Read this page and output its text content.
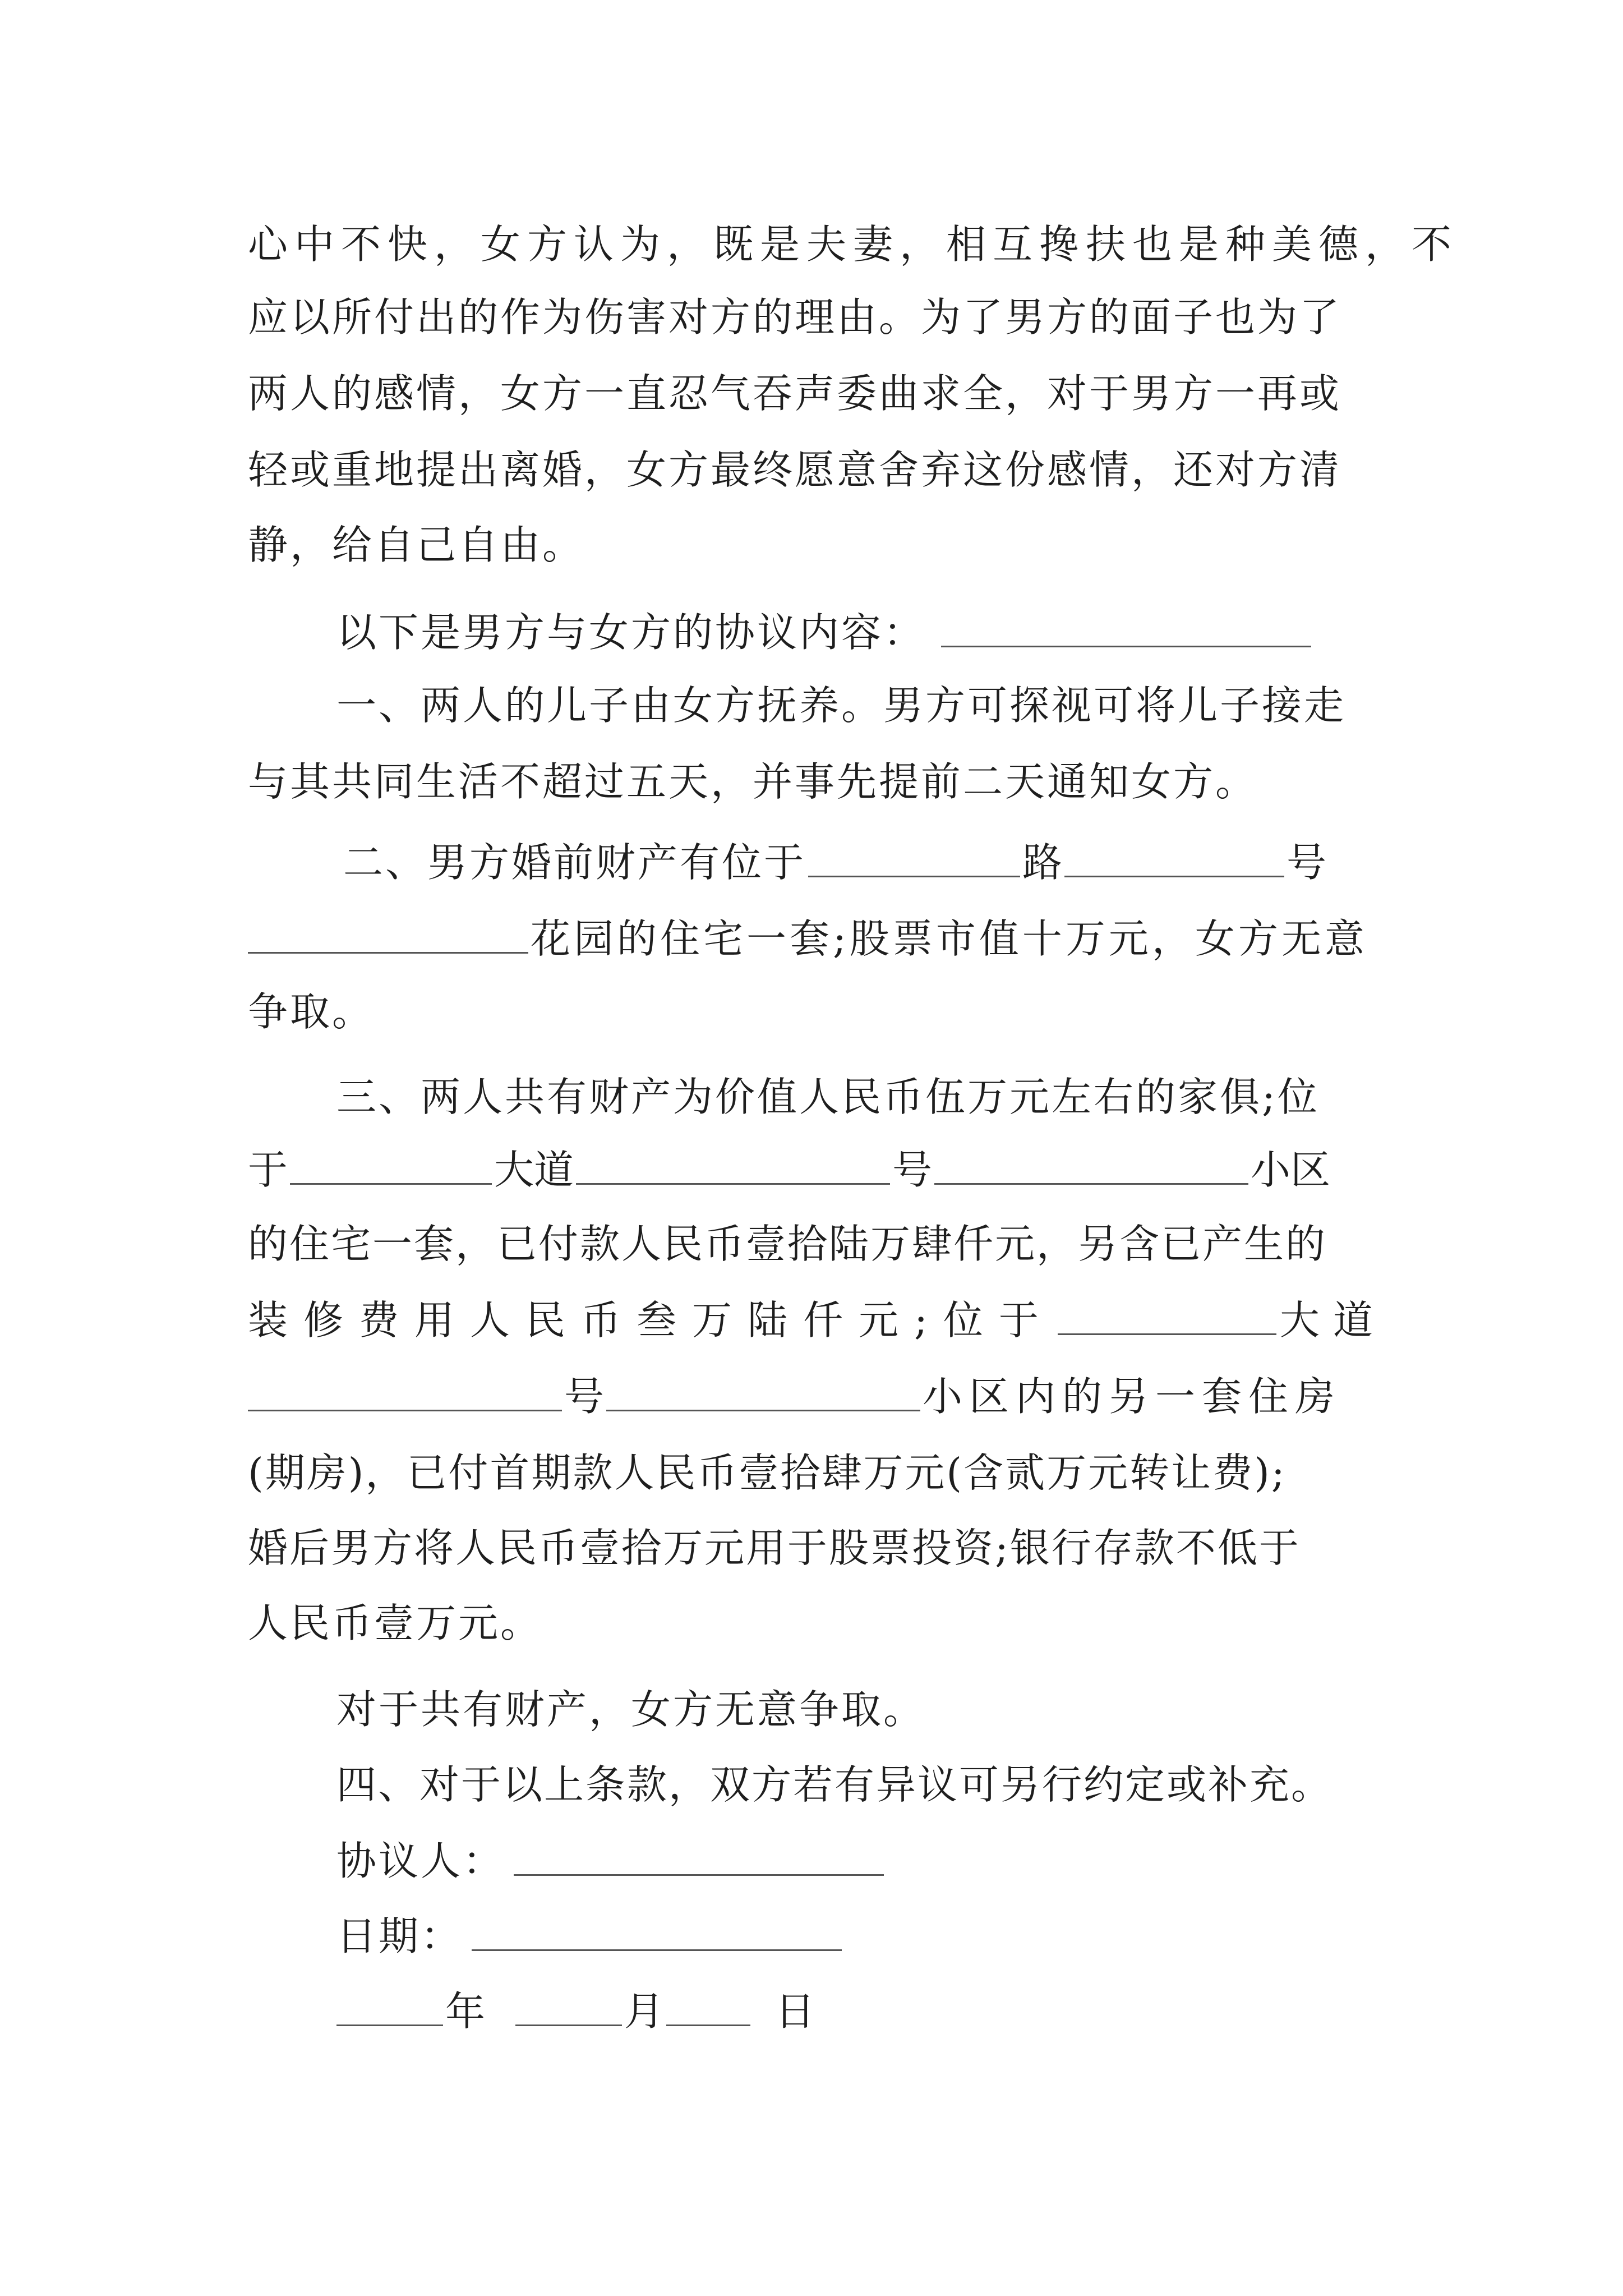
心中不快，女方认为，既是夫妻，相互搀扶也是种美德，不
应以所付出的作为伤害对方的理由。为了男方的面子也为了
两人的感情，女方一直忍气吞声委曲求全，对于男方一再或
轻或重地提出离婚，女方最终愿意舍弃这份感情，还对方清
静，给自己自由。
以下是男方与女方的协议内容：
一、两人的儿子由女方抚养。男方可探视可将儿子接走
与其共同生活不超过五天，并事先提前二天通知女方。
二、男方婚前财产有位于	路	号
花园的住宅一套;股票市值十万元，女方无意
争取。
三、两人共有财产为价值人民币伍万元左右的家俱;位
于	大道	号	小区
的住宅一套，已付款人民币壹拾陆万肆仟元，另含已产生的
装修费用人民币叁万陆仟元;位于	大道
号	小区内的另一套住房
(期房)，已付首期款人民币壹拾肆万元(含贰万元转让费);
婚后男方将人民币壹拾万元用于股票投资;银行存款不低于
人民币壹万元。
对于共有财产，女方无意争取。
四、对于以上条款，双方若有异议可另行约定或补充。
协议人：
日期：
年	月	日
